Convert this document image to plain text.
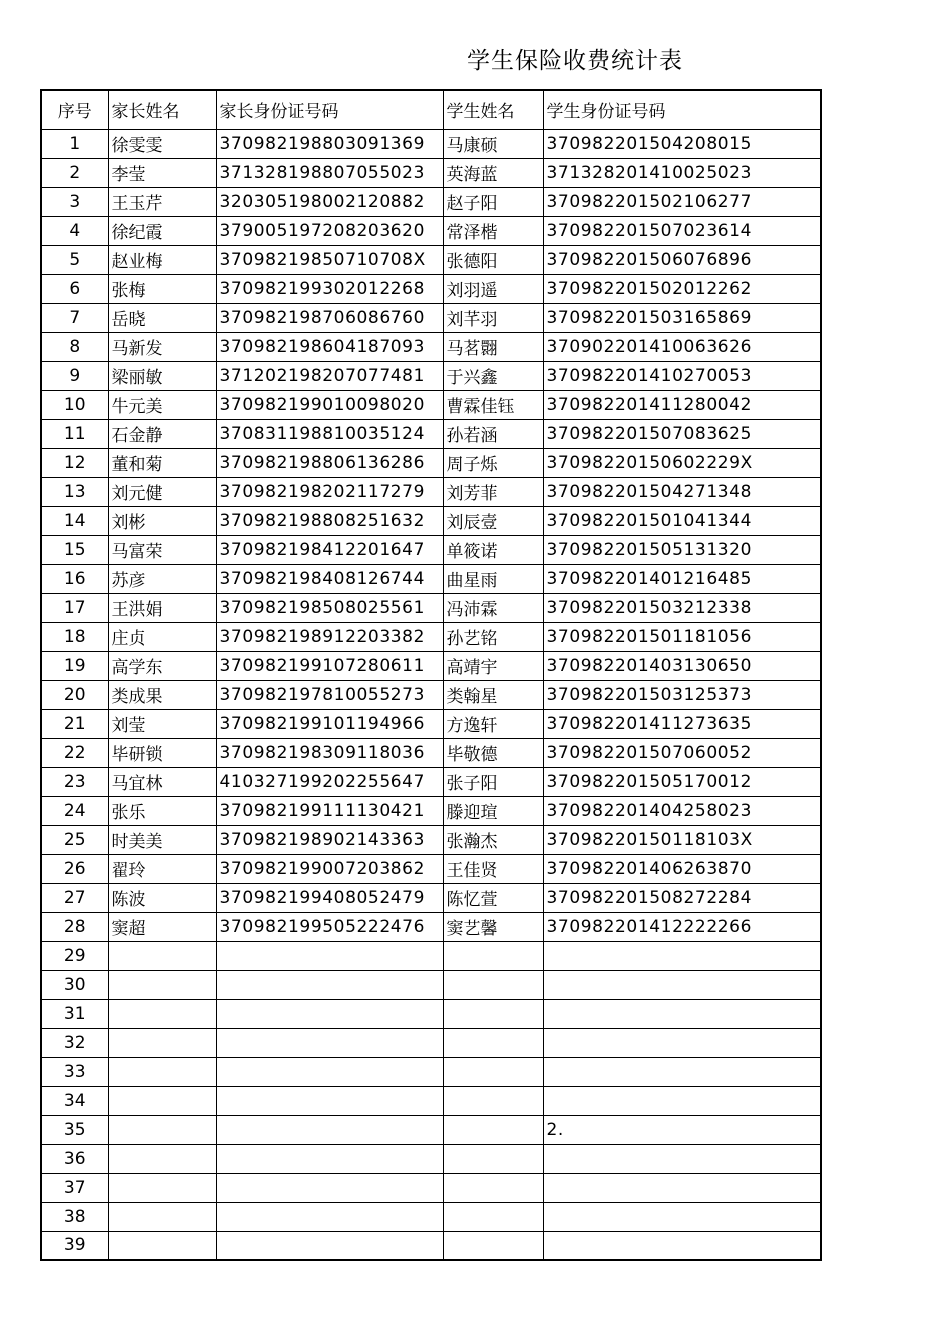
学生保险收费统计表
序号	家长姓名	家长身份证号码	学生姓名	学生身份证号码
1	徐雯雯	370982198803091369	马康硕	370982201504208015
2	李莹	371328198807055023	英海蓝	371328201410025023
3	王玉芹	320305198002120882	赵子阳	370982201502106277
4	徐纪霞	379005197208203620	常泽楷	370982201507023614
5	赵业梅	37098219850710708X	张德阳	370982201506076896
6	张梅	370982199302012268	刘羽遥	370982201502012262
7	岳晓	370982198706086760	刘芊羽	370982201503165869
8	马新发	370982198604187093	马茗翾	370902201410063626
9	梁丽敏	371202198207077481	于兴鑫	370982201410270053
10	牛元美	370982199010098020	曹霖佳钰	370982201411280042
11	石金静	370831198810035124	孙若涵	370982201507083625
12	董和菊	370982198806136286	周子烁	37098220150602229X
13	刘元健	370982198202117279	刘芳菲	370982201504271348
14	刘彬	370982198808251632	刘辰壹	370982201501041344
15	马富荣	370982198412201647	单筱诺	370982201505131320
16	苏彦	370982198408126744	曲星雨	370982201401216485
17	王洪娟	370982198508025561	冯沛霖	370982201503212338
18	庄贞	370982198912203382	孙艺铭	370982201501181056
19	高学东	370982199107280611	高靖宇	370982201403130650
20	类成果	370982197810055273	类翰星	370982201503125373
21	刘莹	370982199101194966	方逸轩	370982201411273635
22	毕研锁	370982198309118036	毕敬德	370982201507060052
23	马宜林	410327199202255647	张子阳	370982201505170012
24	张乐	370982199111130421	滕迎瑄	370982201404258023
25	时美美	370982198902143363	张瀚杰	37098220150118103X
26	翟玲	370982199007203862	王佳贤	370982201406263870
27	陈波	370982199408052479	陈忆萱	370982201508272284
28	窦超	370982199505222476	窦艺馨	370982201412222266
29				
30				
31				
32				
33				
34				
35				2.
36				
37				
38				
39				
